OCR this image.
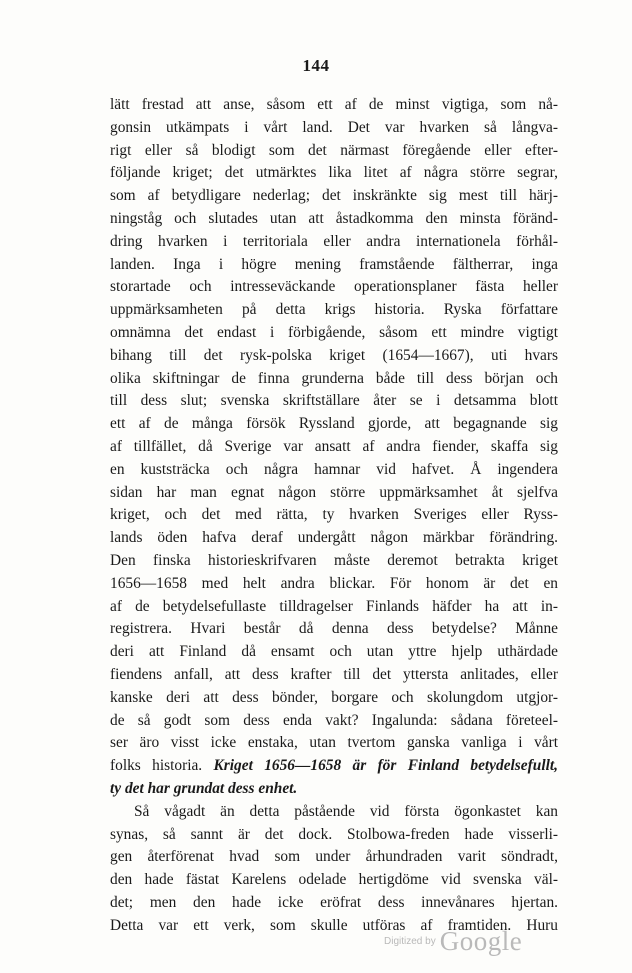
144
lätt frestad att anse, såsom ett af de minst vigtiga, som nå-
gonsin utkämpats i vårt land. Det var hvarken så långva-
rigt eller så blodigt som det närmast föregående eller efter-
följande kriget; det utmärktes lika litet af några större segrar,
som af betydligare nederlag; det inskränkte sig mest till härj-
ningståg och slutades utan att åstadkomma den minsta föränd-
dring hvarken i territoriala eller andra internationela förhål-
landen. Inga i högre mening framstående fältherrar, inga
storartade och intresseväckande operationsplaner fästa heller
uppmärksamheten på detta krigs historia. Ryska författare
omnämna det endast i förbigående, såsom ett mindre vigtigt
bihang till det rysk-polska kriget (1654—1667), uti hvars
olika skiftningar de finna grunderna både till dess början och
till dess slut; svenska skriftställare åter se i detsamma blott
ett af de många försök Ryssland gjorde, att begagnande sig
af tillfället, då Sverige var ansatt af andra fiender, skaffa sig
en kuststräcka och några hamnar vid hafvet. Å ingendera
sidan har man egnat någon större uppmärksamhet åt sjelfva
kriget, och det med rätta, ty hvarken Sveriges eller Ryss-
lands öden hafva deraf undergått någon märkbar förändring.
Den finska historieskrifvaren måste deremot betrakta kriget
1656—1658 med helt andra blickar. För honom är det en
af de betydelsefullaste tilldragelser Finlands häfder ha att in-
registrera. Hvari består då denna dess betydelse? Månne
deri att Finland då ensamt och utan yttre hjelp uthärdade
fiendens anfall, att dess krafter till det yttersta anlitades, eller
kanske deri att dess bönder, borgare och skolungdom utgjor-
de så godt som dess enda vakt? Ingalunda: sådana företeel-
ser äro visst icke enstaka, utan tvertom ganska vanliga i vårt
folks historia. Kriget 1656—1658 är för Finland betydelsefullt,
ty det har grundat dess enhet.
Så vågadt än detta påstående vid första ögonkastet kan
synas, så sannt är det dock. Stolbowa-freden hade visserli-
gen återförenat hvad som under århundraden varit söndradt,
den hade fästat Karelens odelade hertigdöme vid svenska väl-
det; men den hade icke eröfrat dess innevånares hjertan.
Detta var ett verk, som skulle utföras af framtiden. Huru
Digitized by Google
